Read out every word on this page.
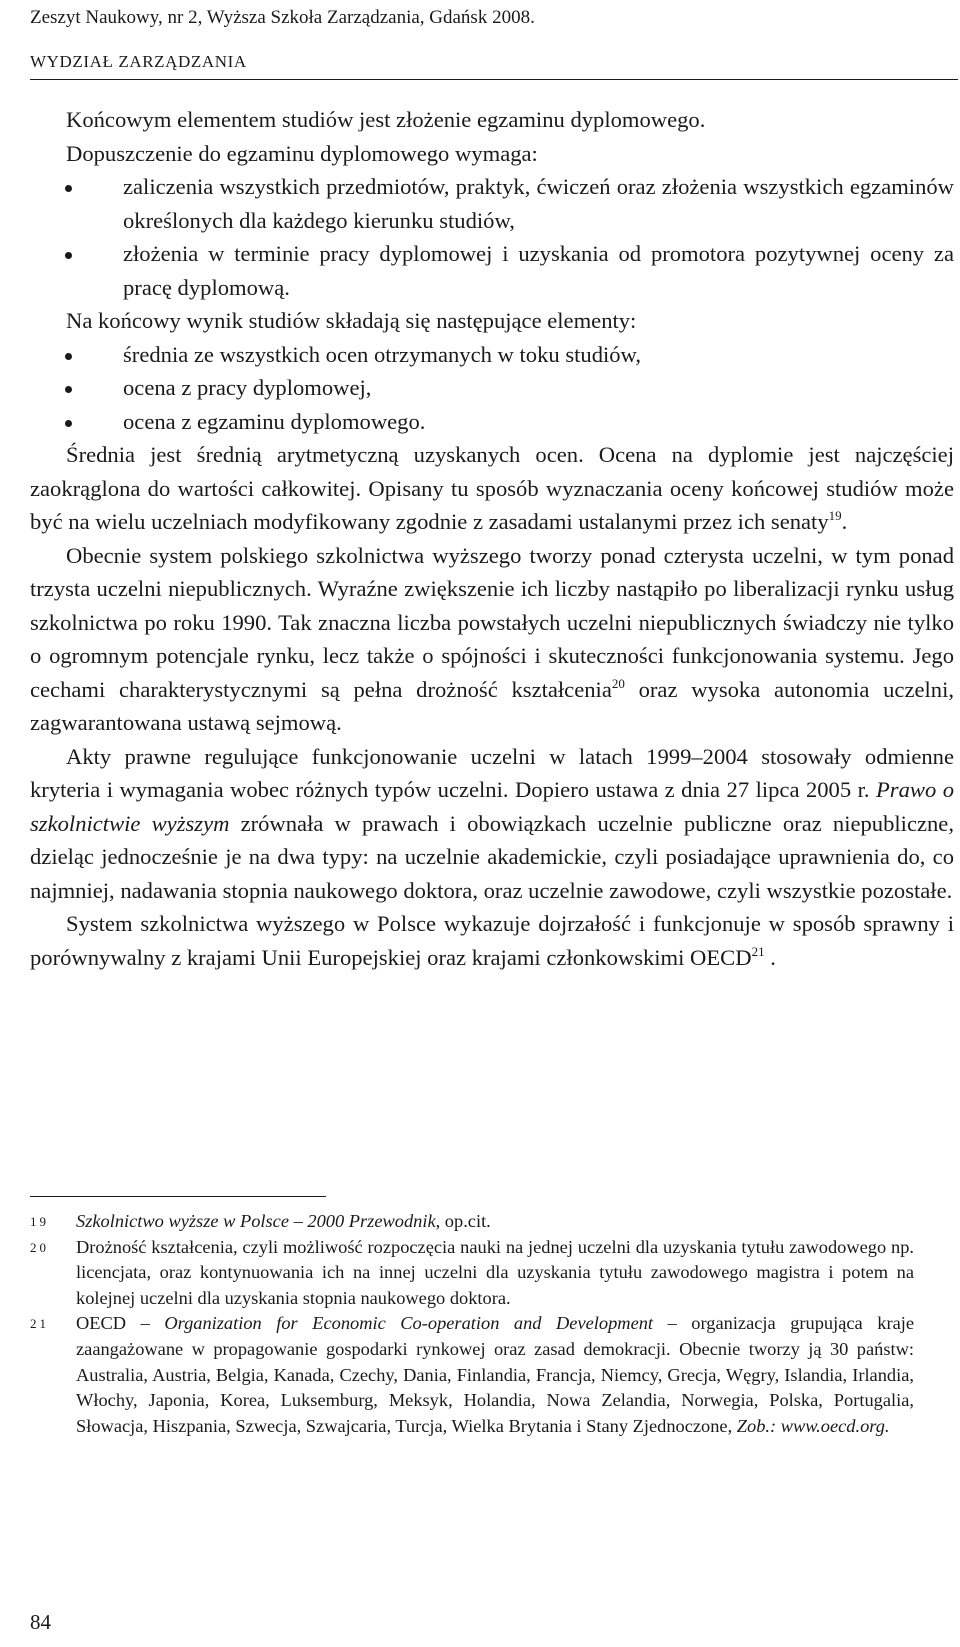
Zeszyt Naukowy, nr 2, Wyższa Szkoła Zarządzania, Gdańsk 2008.
WYDZIAŁ ZARZĄDZANIA

Końcowym elementem studiów jest złożenie egzaminu dyplomowego.

Dopuszczenie do egzaminu dyplomowego wymaga:

zaliczenia wszystkich przedmiotów, praktyk, ćwiczeń oraz złożenia wszystkich egzaminów określonych dla każdego kierunku studiów,
złożenia w terminie pracy dyplomowej i uzyskania od promotora pozytywnej oceny za pracę dyplomową.

Na końcowy wynik studiów składają się następujące elementy:

średnia ze wszystkich ocen otrzymanych w toku studiów,
ocena z pracy dyplomowej,
ocena z egzaminu dyplomowego.

Średnia jest średnią arytmetyczną uzyskanych ocen. Ocena na dyplomie jest najczęściej zaokrąglona do wartości całkowitej. Opisany tu sposób wyznaczania oceny końcowej studiów może być na wielu uczelniach modyfikowany zgodnie z zasadami ustalanymi przez ich senaty$^{19}$.

Obecnie system polskiego szkolnictwa wyższego tworzy ponad czterysta uczelni, w tym ponad trzysta uczelni niepublicznych. Wyraźne zwiększenie ich liczby nastąpiło po liberalizacji rynku usług szkolnictwa po roku 1990. Tak znaczna liczba powstałych uczelni niepublicznych świadczy nie tylko o ogromnym potencjale rynku, lecz także o spójności i skuteczności funkcjonowania systemu. Jego cechami charakterystycznymi są pełna drożność kształcenia$^{20}$ oraz wysoka autonomia uczelni, zagwarantowana ustawą sejmową.

Akty prawne regulujące funkcjonowanie uczelni w latach 1999–2004 stosowały odmienne kryteria i wymagania wobec różnych typów uczelni. Dopiero ustawa z dnia 27 lipca 2005 r. Prawo o szkolnictwie wyższym zrównała w prawach i obowiązkach uczelnie publiczne oraz niepubliczne, dzieląc jednocześnie je na dwa typy: na uczelnie akademickie, czyli posiadające uprawnienia do, co najmniej, nadawania stopnia naukowego doktora, oraz uczelnie zawodowe, czyli wszystkie pozostałe.

System szkolnictwa wyższego w Polsce wykazuje dojrzałość i funkcjonuje w sposób sprawny i porównywalny z krajami Unii Europejskiej oraz krajami członkowskimi OECD$^{21}$ .

19 Szkolnictwo wyższe w Polsce – 2000 Przewodnik, op.cit.
20 Drożność kształcenia, czyli możliwość rozpoczęcia nauki na jednej uczelni dla uzyskania tytułu zawodowego np. licencjata, oraz kontynuowania ich na innej uczelni dla uzyskania tytułu zawodowego magistra i potem na kolejnej uczelni dla uzyskania stopnia naukowego doktora.
21 OECD – Organization for Economic Co-operation and Development – organizacja grupująca kraje zaangażowane w propagowanie gospodarki rynkowej oraz zasad demokracji. Obecnie tworzy ją 30 państw: Australia, Austria, Belgia, Kanada, Czechy, Dania, Finlandia, Francja, Niemcy, Grecja, Węgry, Islandia, Irlandia, Włochy, Japonia, Korea, Luksemburg, Meksyk, Holandia, Nowa Zelandia, Norwegia, Polska, Portugalia, Słowacja, Hiszpania, Szwecja, Szwajcaria, Turcja, Wielka Brytania i Stany Zjednoczone, Zob.: www.oecd.org.
84
